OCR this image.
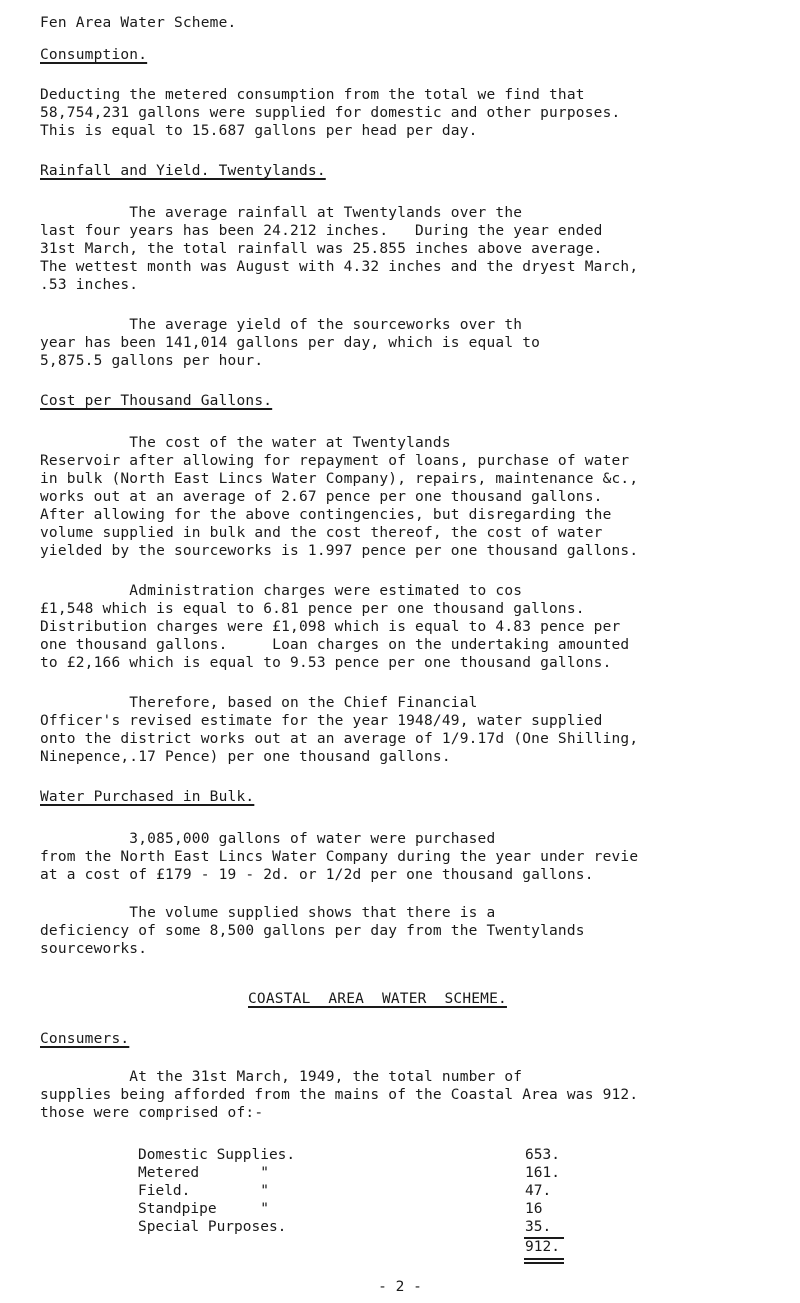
Fen Area Water Scheme.
Consumption.
Deducting the metered consumption from the total we find that
58,754,231 gallons were supplied for domestic and other purposes.
This is equal to 15.687 gallons per head per day.
Rainfall and Yield. Twentylands.
The average rainfall at Twentylands over the
last four years has been 24.212 inches.   During the year ended
31st March, the total rainfall was 25.855 inches above average.
The wettest month was August with 4.32 inches and the dryest March,
.53 inches.
The average yield of the sourceworks over th
year has been 141,014 gallons per day, which is equal to
5,875.5 gallons per hour.
Cost per Thousand Gallons.
The cost of the water at Twentylands
Reservoir after allowing for repayment of loans, purchase of water
in bulk (North East Lincs Water Company), repairs, maintenance &c.,
works out at an average of 2.67 pence per one thousand gallons.
After allowing for the above contingencies, but disregarding the
volume supplied in bulk and the cost thereof, the cost of water
yielded by the sourceworks is 1.997 pence per one thousand gallons.
Administration charges were estimated to cos
£1,548 which is equal to 6.81 pence per one thousand gallons.
Distribution charges were £1,098 which is equal to 4.83 pence per
one thousand gallons.     Loan charges on the undertaking amounted
to £2,166 which is equal to 9.53 pence per one thousand gallons.
Therefore, based on the Chief Financial
Officer's revised estimate for the year 1948/49, water supplied
onto the district works out at an average of 1/9.17d (One Shilling,
Ninepence,.17 Pence) per one thousand gallons.
Water Purchased in Bulk.
3,085,000 gallons of water were purchased
from the North East Lincs Water Company during the year under revie
at a cost of £179 - 19 - 2d. or 1/2d per one thousand gallons.
The volume supplied shows that there is a
deficiency of some 8,500 gallons per day from the Twentylands
sourceworks.
COASTAL  AREA  WATER  SCHEME.
Consumers.
At the 31st March, 1949, the total number of
supplies being afforded from the mains of the Coastal Area was 912.
those were comprised of:-
Domestic Supplies.	653.
Metered       "	161.
Field.        "	47.
Standpipe     "	16
Special Purposes.	35.
912.
- 2 -
